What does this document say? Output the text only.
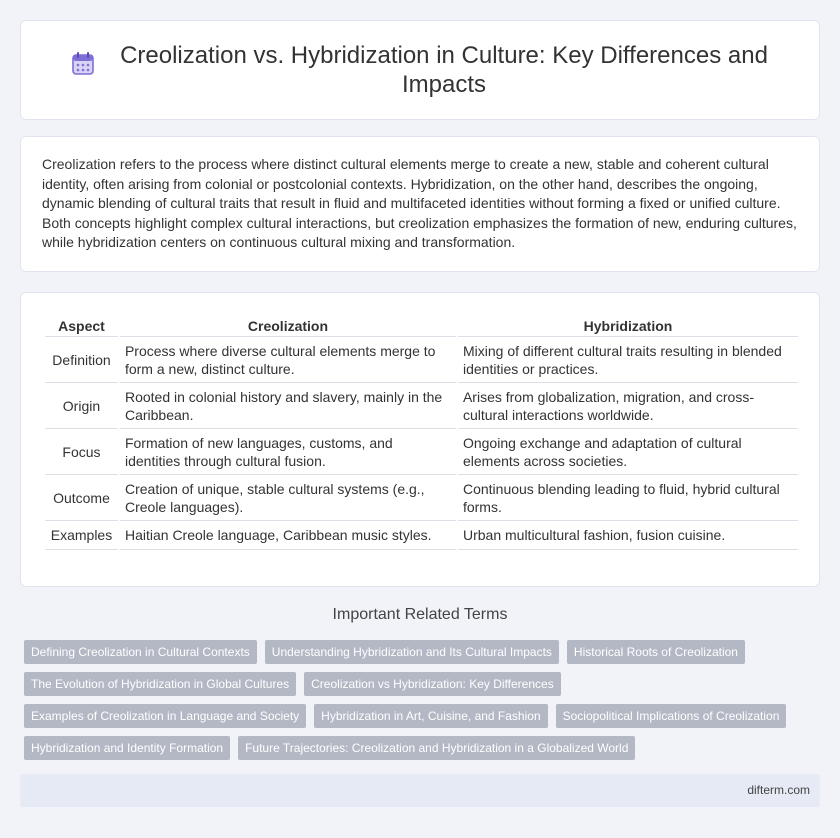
Creolization vs. Hybridization in Culture: Key Differences and Impacts

Creolization refers to the process where distinct cultural elements merge to create a new, stable and coherent cultural identity, often arising from colonial or postcolonial contexts. Hybridization, on the other hand, describes the ongoing, dynamic blending of cultural traits that result in fluid and multifaceted identities without forming a fixed or unified culture. Both concepts highlight complex cultural interactions, but creolization emphasizes the formation of new, enduring cultures, while hybridization centers on continuous cultural mixing and transformation.

Aspect	Creolization	Hybridization
Definition	Process where diverse cultural elements merge to form a new, distinct culture.	Mixing of different cultural traits resulting in blended identities or practices.
Origin	Rooted in colonial history and slavery, mainly in the Caribbean.	Arises from globalization, migration, and cross-cultural interactions worldwide.
Focus	Formation of new languages, customs, and identities through cultural fusion.	Ongoing exchange and adaptation of cultural elements across societies.
Outcome	Creation of unique, stable cultural systems (e.g., Creole languages).	Continuous blending leading to fluid, hybrid cultural forms.
Examples	Haitian Creole language, Caribbean music styles.	Urban multicultural fashion, fusion cuisine.
Important Related Terms
Defining Creolization in Cultural Contexts	Understanding Hybridization and Its Cultural Impacts	Historical Roots of Creolization
The Evolution of Hybridization in Global Cultures	Creolization vs Hybridization: Key Differences
Examples of Creolization in Language and Society	Hybridization in Art, Cuisine, and Fashion	Sociopolitical Implications of Creolization
Hybridization and Identity Formation	Future Trajectories: Creolization and Hybridization in a Globalized World
difterm.com
